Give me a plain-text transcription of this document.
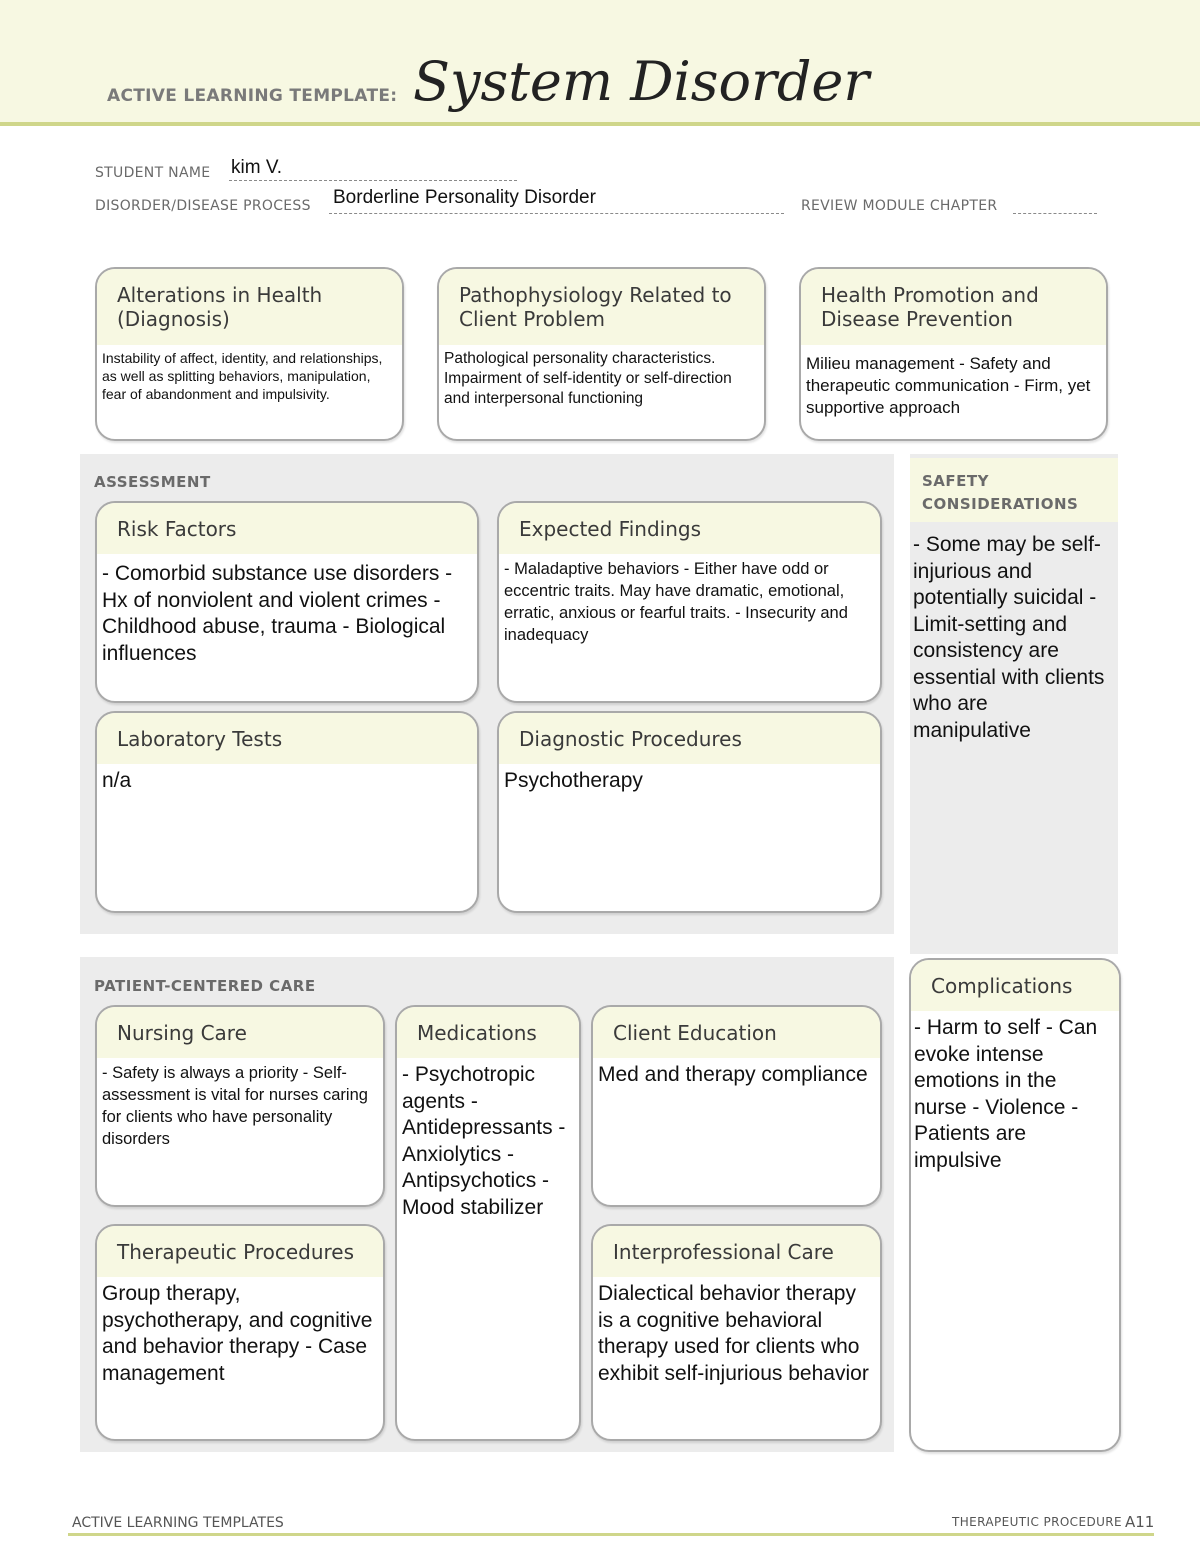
ACTIVE LEARNING TEMPLATE: System Disorder
STUDENT NAME kim V.
DISORDER/DISEASE PROCESS Borderline Personality Disorder	REVIEW MODULE CHAPTER
Alterations in Health (Diagnosis)
Instability of affect, identity, and relationships, as well as splitting behaviors, manipulation, fear of abandonment and impulsivity.
Pathophysiology Related to Client Problem
Pathological personality characteristics. Impairment of self-identity or self-direction and interpersonal functioning
Health Promotion and Disease Prevention
Milieu management - Safety and therapeutic communication - Firm, yet supportive approach
ASSESSMENT
Risk Factors
- Comorbid substance use disorders - Hx of nonviolent and violent crimes - Childhood abuse, trauma - Biological influences
Expected Findings
- Maladaptive behaviors - Either have odd or eccentric traits. May have dramatic, emotional, erratic, anxious or fearful traits. - Insecurity and inadequacy
Laboratory Tests
n/a
Diagnostic Procedures
Psychotherapy
SAFETY CONSIDERATIONS
- Some may be self-injurious and potentially suicidal - Limit-setting and consistency are essential with clients who are manipulative
PATIENT-CENTERED CARE
Nursing Care
- Safety is always a priority - Self-assessment is vital for nurses caring for clients who have personality disorders
Medications
- Psychotropic agents - Antidepressants - Anxiolytics - Antipsychotics - Mood stabilizer
Client Education
Med and therapy compliance
Therapeutic Procedures
Group therapy, psychotherapy, and cognitive and behavior therapy - Case management
Interprofessional Care
Dialectical behavior therapy is a cognitive behavioral therapy used for clients who exhibit self-injurious behavior
Complications
- Harm to self - Can evoke intense emotions in the nurse - Violence - Patients are impulsive
ACTIVE LEARNING TEMPLATES	THERAPEUTIC PROCEDURE A11
